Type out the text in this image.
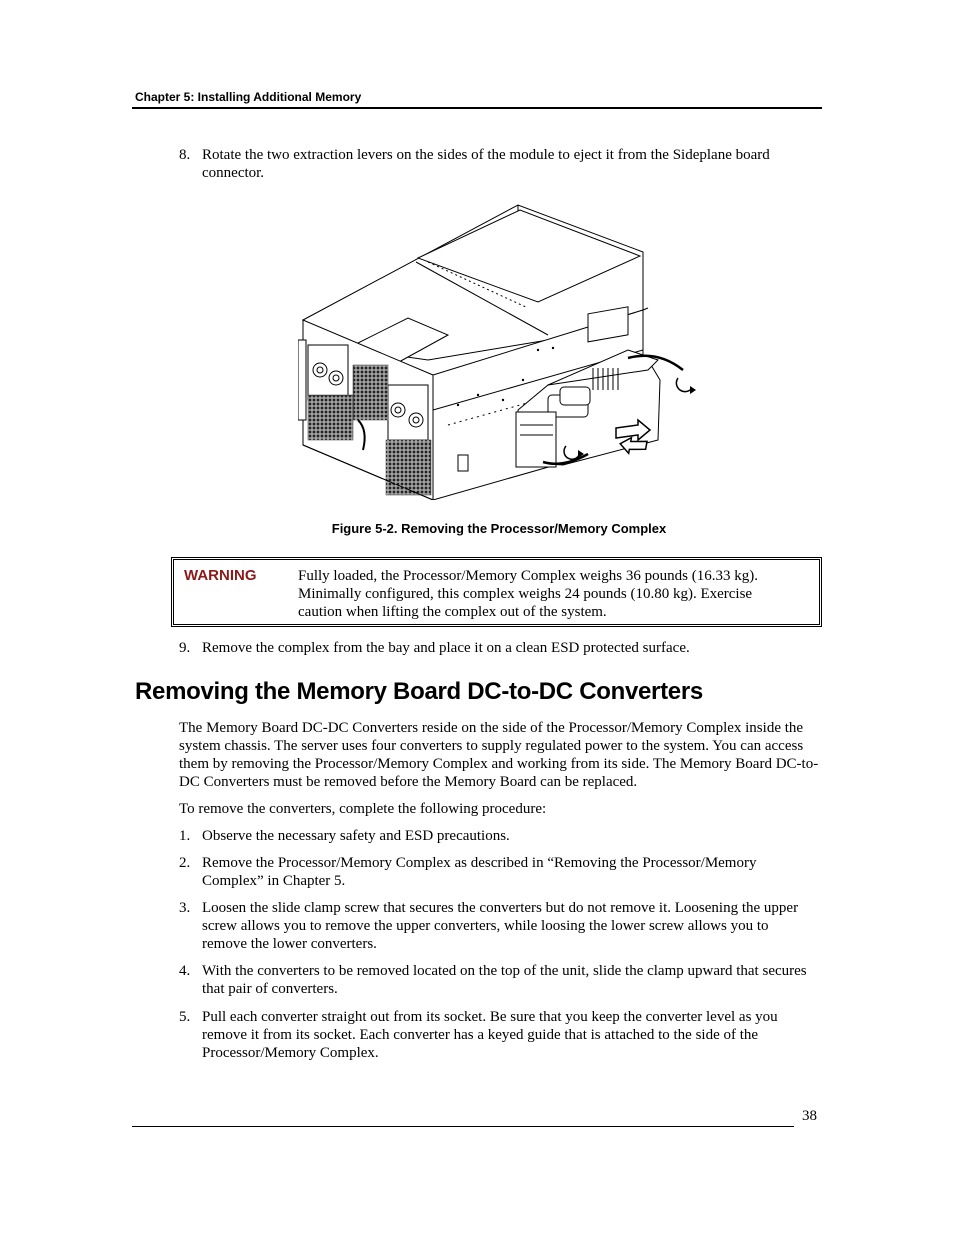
Chapter 5: Installing Additional Memory
8. Rotate the two extraction levers on the sides of the module to eject it from the Sideplane board connector.
Figure 5-2. Removing the Processor/Memory Complex
WARNING	Fully loaded, the Processor/Memory Complex weighs 36 pounds (16.33 kg). Minimally configured, this complex weighs 24 pounds (10.80 kg). Exercise caution when lifting the complex out of the system.
9. Remove the complex from the bay and place it on a clean ESD protected surface.
Removing the Memory Board DC-to-DC Converters
The Memory Board DC-DC Converters reside on the side of the Processor/Memory Complex inside the system chassis. The server uses four converters to supply regulated power to the system. You can access them by removing the Processor/Memory Complex and working from its side. The Memory Board DC-to-DC Converters must be removed before the Memory Board can be replaced.
To remove the converters, complete the following procedure:
1. Observe the necessary safety and ESD precautions.
2. Remove the Processor/Memory Complex as described in “Removing the Processor/Memory Complex” in Chapter 5.
3. Loosen the slide clamp screw that secures the converters but do not remove it. Loosening the upper screw allows you to remove the upper converters, while loosing the lower screw allows you to remove the lower converters.
4. With the converters to be removed located on the top of the unit, slide the clamp upward that secures that pair of converters.
5. Pull each converter straight out from its socket. Be sure that you keep the converter level as you remove it from its socket. Each converter has a keyed guide that is attached to the side of the Processor/Memory Complex.
38
